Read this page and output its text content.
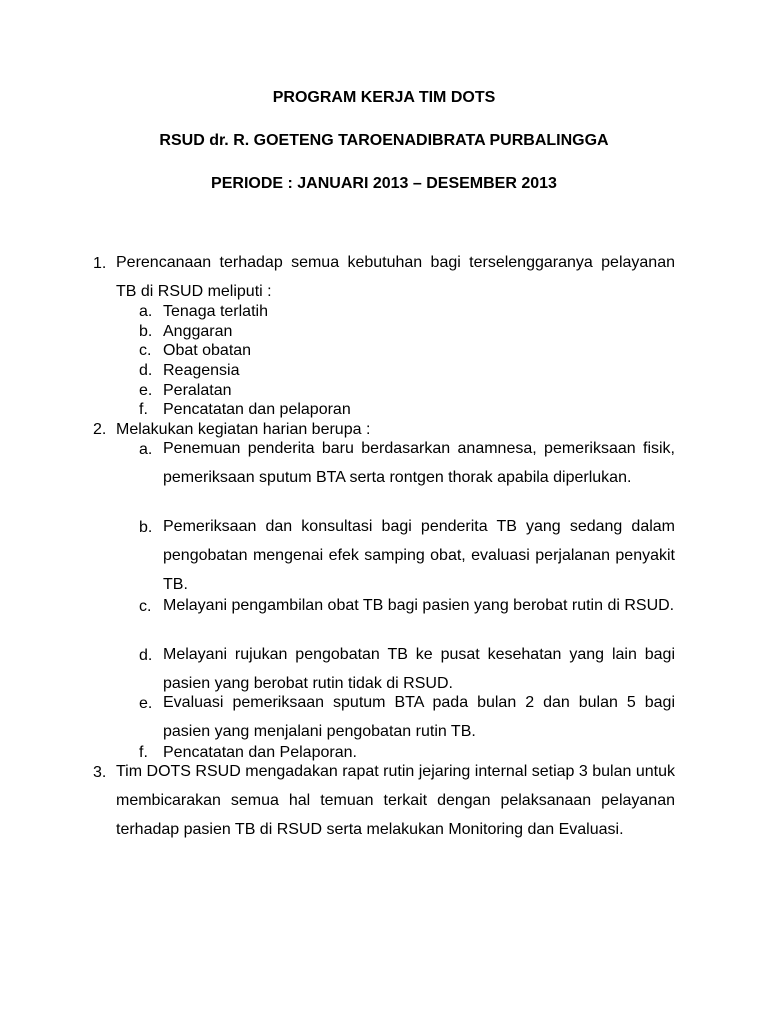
PROGRAM KERJA TIM DOTS
RSUD dr. R. GOETENG TAROENADIBRATA PURBALINGGA
PERIODE : JANUARI 2013 – DESEMBER 2013
1. Perencanaan terhadap semua kebutuhan bagi terselenggaranya pelayanan TB di RSUD meliputi :

a. Tenaga terlatih
b. Anggaran
c. Obat obatan
d. Reagensia
e. Peralatan
f. Pencatatan dan pelaporan
2. Melakukan kegiatan harian berupa :
a. Penemuan penderita baru berdasarkan anamnesa, pemeriksaan fisik, pemeriksaan sputum BTA serta rontgen thorak apabila diperlukan.

b. Pemeriksaan dan konsultasi bagi penderita TB yang sedang dalam pengobatan mengenai efek samping obat, evaluasi perjalanan penyakit TB.

c. Melayani pengambilan obat TB bagi pasien yang berobat rutin di RSUD.

d. Melayani rujukan pengobatan TB ke pusat kesehatan yang lain bagi pasien yang berobat rutin tidak di RSUD.

e. Evaluasi pemeriksaan sputum BTA pada bulan 2 dan bulan 5 bagi pasien yang menjalani pengobatan rutin TB.

f. Pencatatan dan Pelaporan.
3. Tim DOTS RSUD mengadakan rapat rutin jejaring internal setiap 3 bulan untuk membicarakan semua hal temuan terkait dengan pelaksanaan pelayanan terhadap pasien TB di RSUD serta melakukan Monitoring dan Evaluasi.
